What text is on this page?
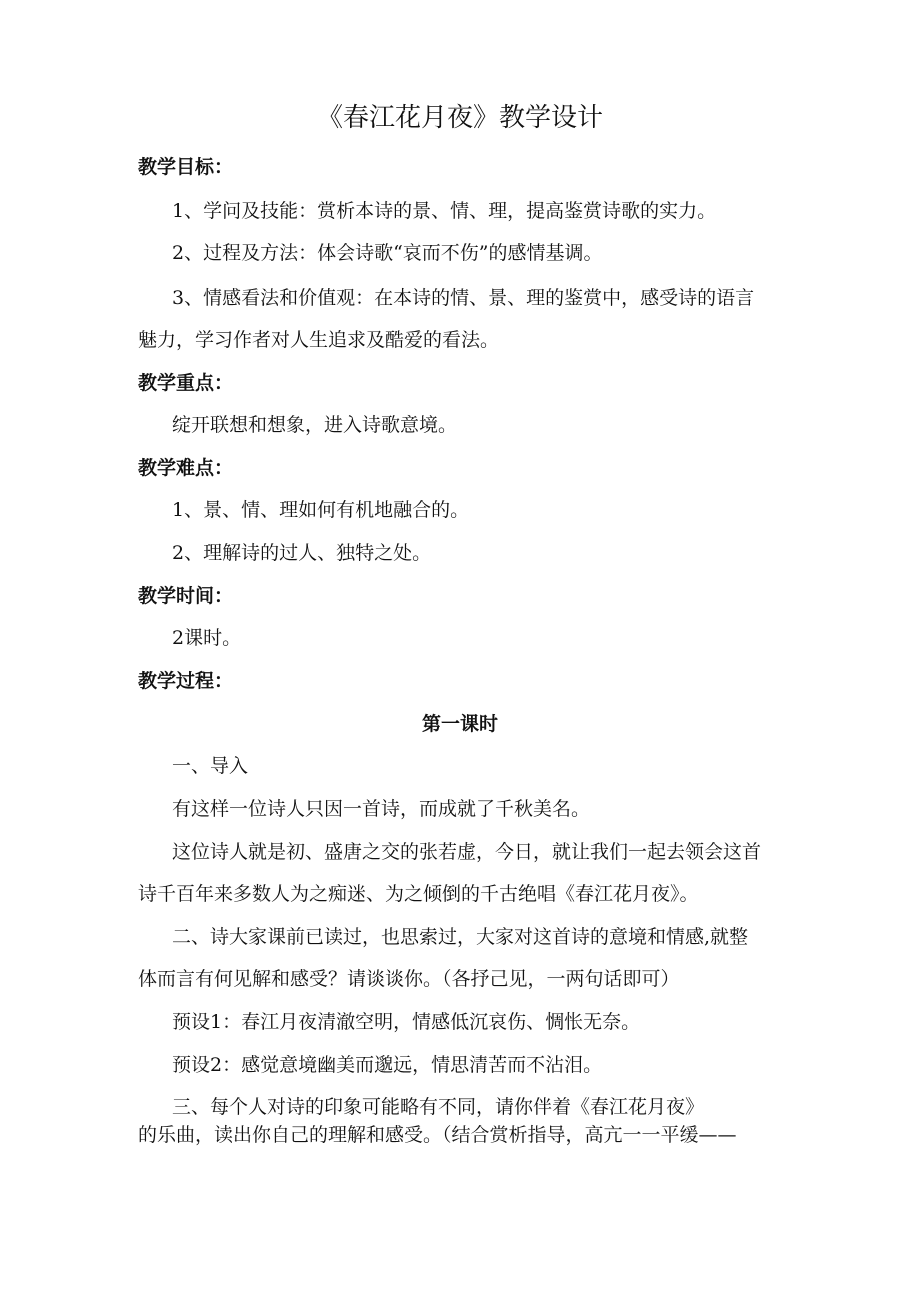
《春江花月夜》教学设计
教学目标：
1、学问及技能：赏析本诗的景、情、理，提高鉴赏诗歌的实力。
2、过程及方法：体会诗歌“哀而不伤”的感情基调。
3、情感看法和价值观：在本诗的情、景、理的鉴赏中，感受诗的语言
魅力，学习作者对人生追求及酷爱的看法。
教学重点：
绽开联想和想象，进入诗歌意境。
教学难点：
1、景、情、理如何有机地融合的。
2、理解诗的过人、独特之处。
教学时间：
2课时。
教学过程：
第一课时
一、导入
有这样一位诗人只因一首诗，而成就了千秋美名。
这位诗人就是初、盛唐之交的张若虚，今日，就让我们一起去领会这首
诗千百年来多数人为之痴迷、为之倾倒的千古绝唱《春江花月夜》。
二、诗大家课前已读过，也思索过，大家对这首诗的意境和情感,就整
体而言有何见解和感受？请谈谈你。（各抒己见，一两句话即可）
预设1：春江月夜清澈空明，情感低沉哀伤、惆怅无奈。
预设2：感觉意境幽美而邈远，情思清苦而不沾泪。
三、每个人对诗的印象可能略有不同，请你伴着《春江花月夜》
的乐曲，读出你自己的理解和感受。（结合赏析指导，高亢一一平缓——
